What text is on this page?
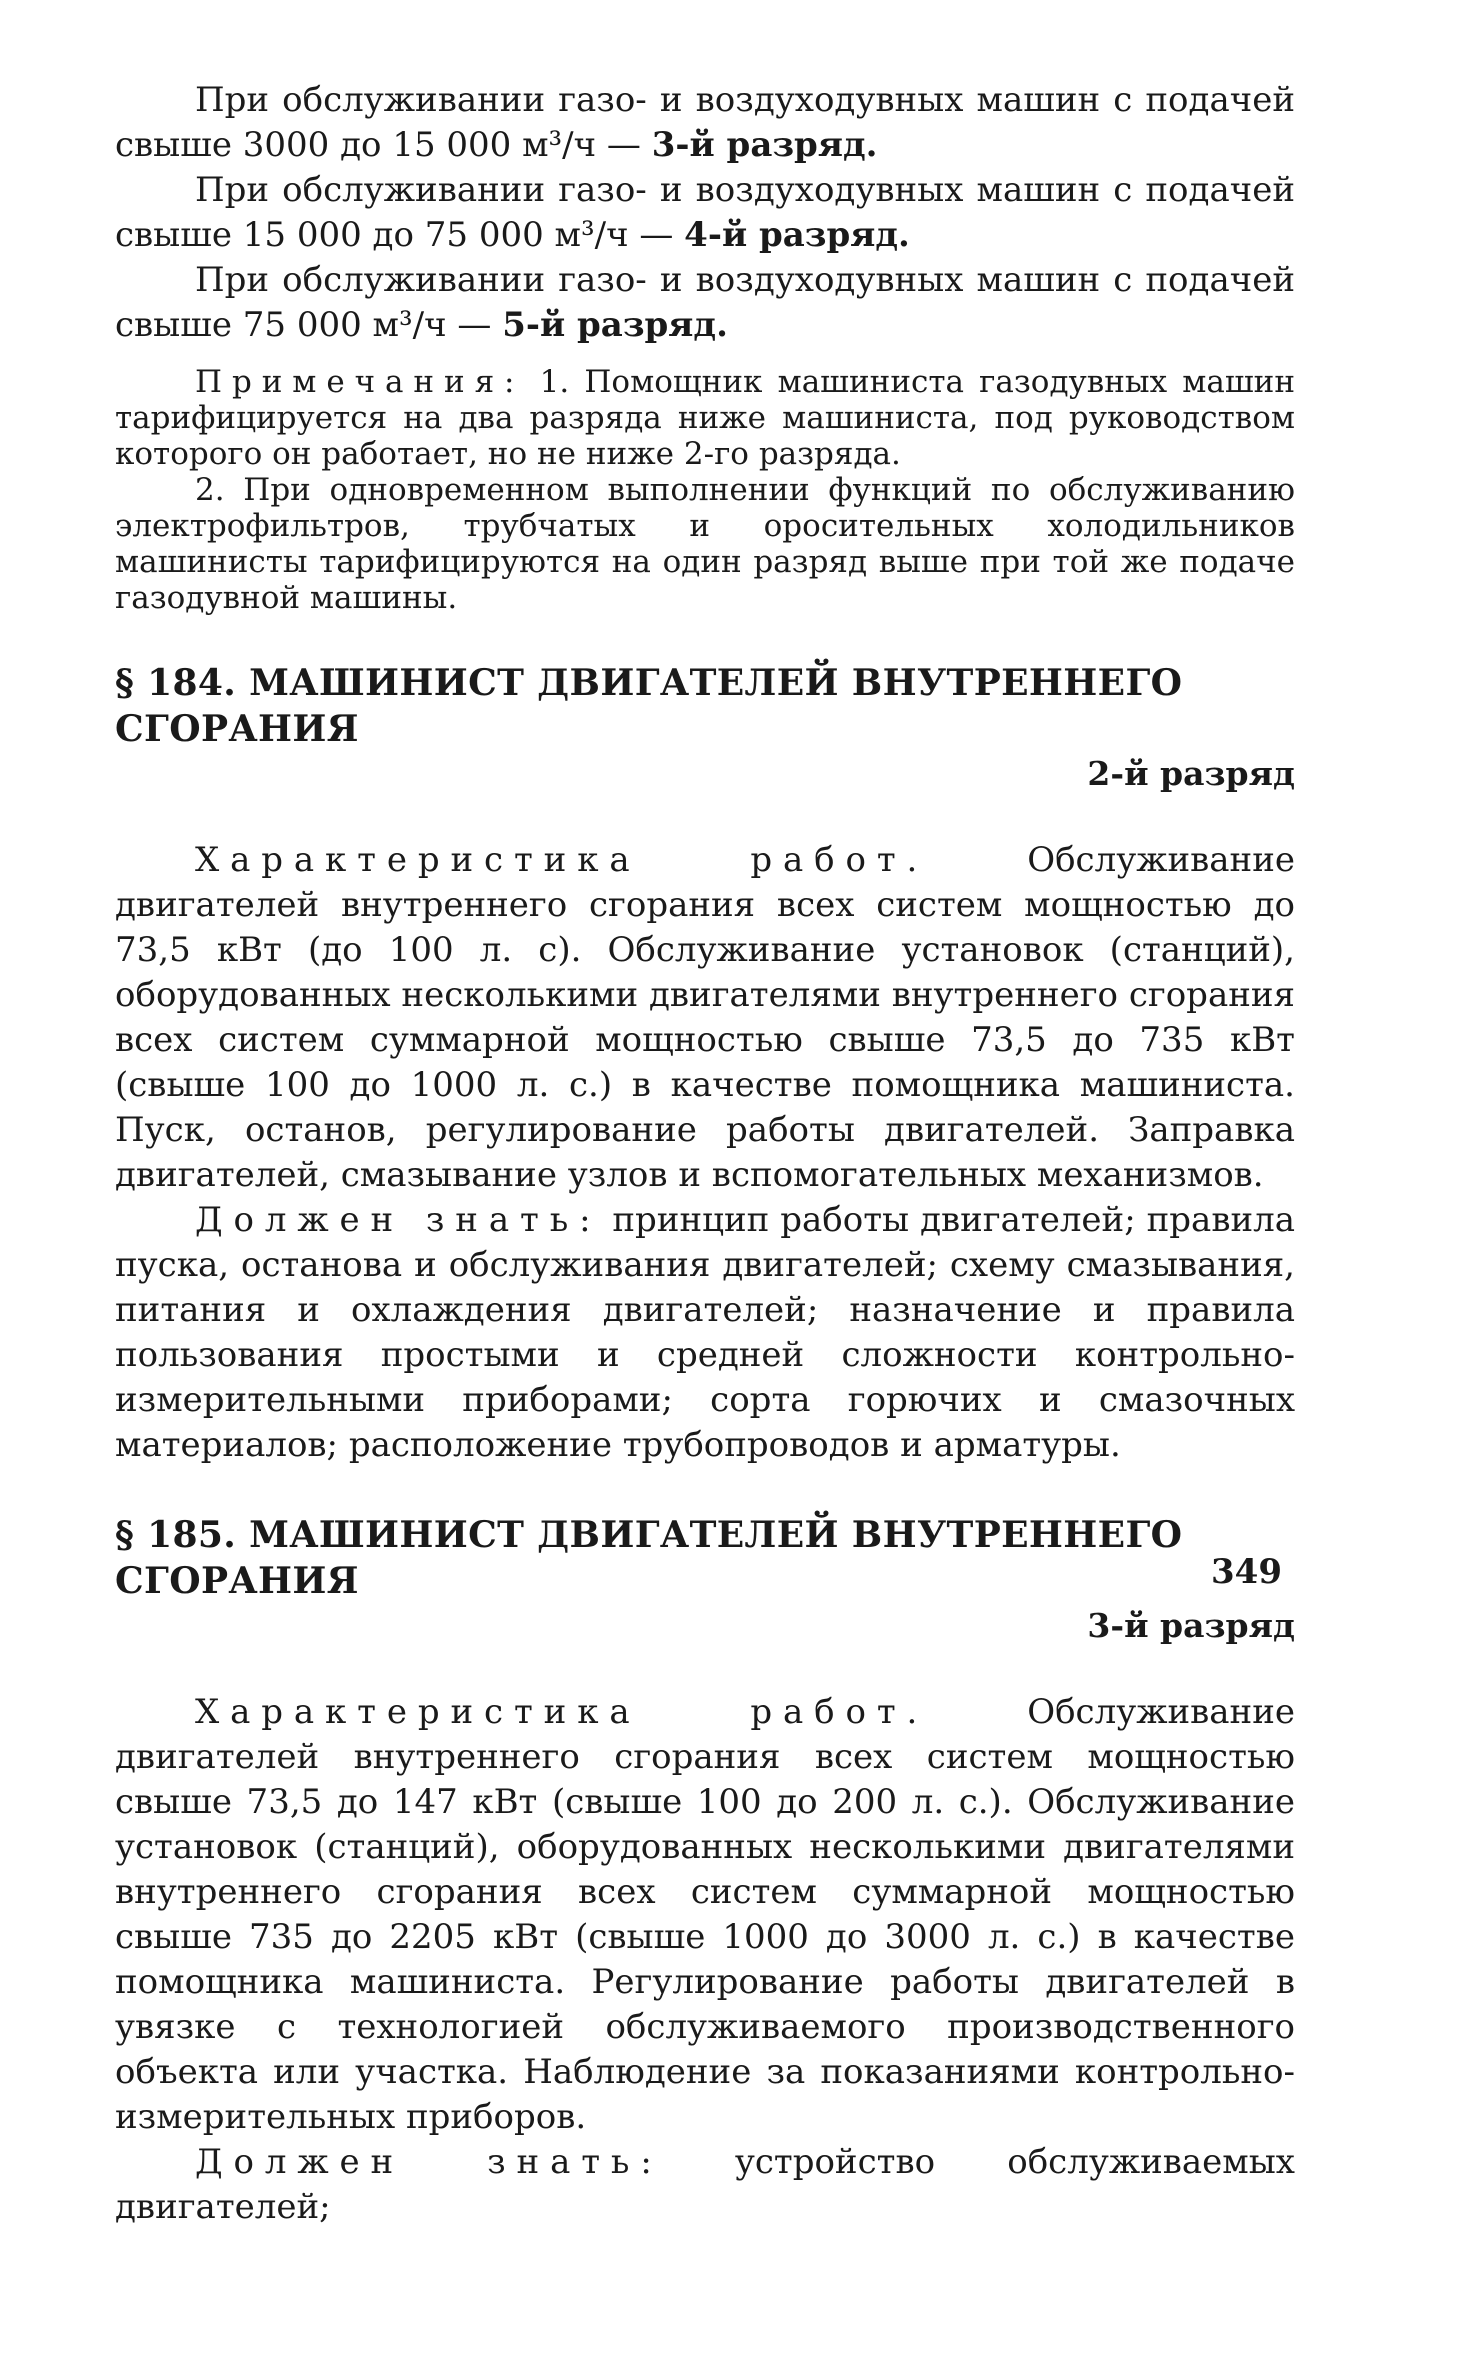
При обслуживании газо- и воздуходувных машин с подачей свыше 3000 до 15 000 м³/ч — 3-й разряд.

При обслуживании газо- и воздуходувных машин с подачей свыше 15 000 до 75 000 м³/ч — 4-й разряд.

При обслуживании газо- и воздуходувных машин с подачей свыше 75 000 м³/ч — 5-й разряд.

Примечания: 1. Помощник машиниста газодувных машин тарифицируется на два разряда ниже машиниста, под руководством которого он работает, но не ниже 2-го разряда.

2. При одновременном выполнении функций по обслуживанию электрофильтров, трубчатых и оросительных холодильников машинисты тарифицируются на один разряд выше при той же подаче газодувной машины.

§ 184. МАШИНИСТ ДВИГАТЕЛЕЙ ВНУТРЕННЕГО СГОРАНИЯ
2-й разряд

Характеристика работ. Обслуживание двигателей внутреннего сгорания всех систем мощностью до 73,5 кВт (до 100 л. с). Обслуживание установок (станций), оборудованных несколькими двигателями внутреннего сгорания всех систем суммарной мощностью свыше 73,5 до 735 кВт (свыше 100 до 1000 л. с.) в качестве помощника машиниста. Пуск, останов, регулирование работы двигателей. Заправка двигателей, смазывание узлов и вспомогательных механизмов.

Должен знать: принцип работы двигателей; правила пуска, останова и обслуживания двигателей; схему смазывания, питания и охлаждения двигателей; назначение и правила пользования простыми и средней сложности контрольно-измерительными приборами; сорта горючих и смазочных материалов; расположение трубопроводов и арматуры.

§ 185. МАШИНИСТ ДВИГАТЕЛЕЙ ВНУТРЕННЕГО СГОРАНИЯ
3-й разряд

Характеристика работ. Обслуживание двигателей внутреннего сгорания всех систем мощностью свыше 73,5 до 147 кВт (свыше 100 до 200 л. с.). Обслуживание установок (станций), оборудованных несколькими двигателями внутреннего сгорания всех систем суммарной мощностью свыше 735 до 2205 кВт (свыше 1000 до 3000 л. с.) в качестве помощника машиниста. Регулирование работы двигателей в увязке с технологией обслуживаемого производственного объекта или участка. Наблюдение за показаниями контрольно-измерительных приборов.

Должен знать: устройство обслуживаемых двигателей;

349
